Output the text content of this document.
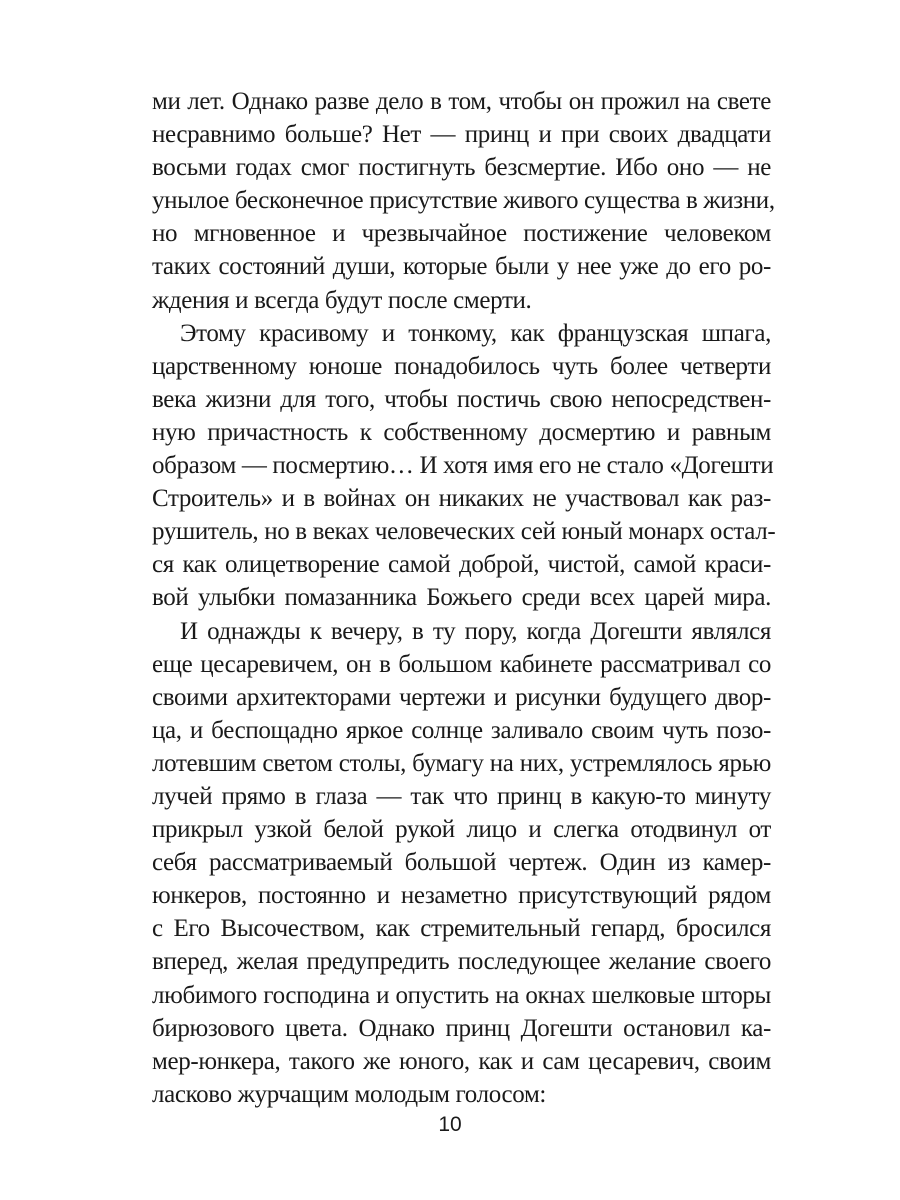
ми лет. Однако разве дело в том, чтобы он прожил на свете
несравнимо больше? Нет — принц и при своих двадцати
восьми годах смог постигнуть безсмертие. Ибо оно — не
унылое бесконечное присутствие живого существа в жизни,
но мгновенное и чрезвычайное постижение человеком
таких состояний души, которые были у нее уже до его ро-
ждения и всегда будут после смерти.
Этому красивому и тонкому, как французская шпага,
царственному юноше понадобилось чуть более четверти
века жизни для того, чтобы постичь свою непосредствен-
ную причастность к собственному досмертию и равным
образом — посмертию… И хотя имя его не стало «Догешти
Строитель» и в войнах он никаких не участвовал как раз-
рушитель, но в веках человеческих сей юный монарх остал-
ся как олицетворение самой доброй, чистой, самой краси-
вой улыбки помазанника Божьего среди всех царей мира.
И однажды к вечеру, в ту пору, когда Догешти являлся
еще цесаревичем, он в большом кабинете рассматривал со
своими архитекторами чертежи и рисунки будущего двор-
ца, и беспощадно яркое солнце заливало своим чуть позо-
лотевшим светом столы, бумагу на них, устремлялось ярью
лучей прямо в глаза — так что принц в какую-то минуту
прикрыл узкой белой рукой лицо и слегка отодвинул от
себя рассматриваемый большой чертеж. Один из камер-
юнкеров, постоянно и незаметно присутствующий рядом
с Его Высочеством, как стремительный гепард, бросился
вперед, желая предупредить последующее желание своего
любимого господина и опустить на окнах шелковые шторы
бирюзового цвета. Однако принц Догешти остановил ка-
мер-юнкера, такого же юного, как и сам цесаревич, своим
ласково журчащим молодым голосом:
10
